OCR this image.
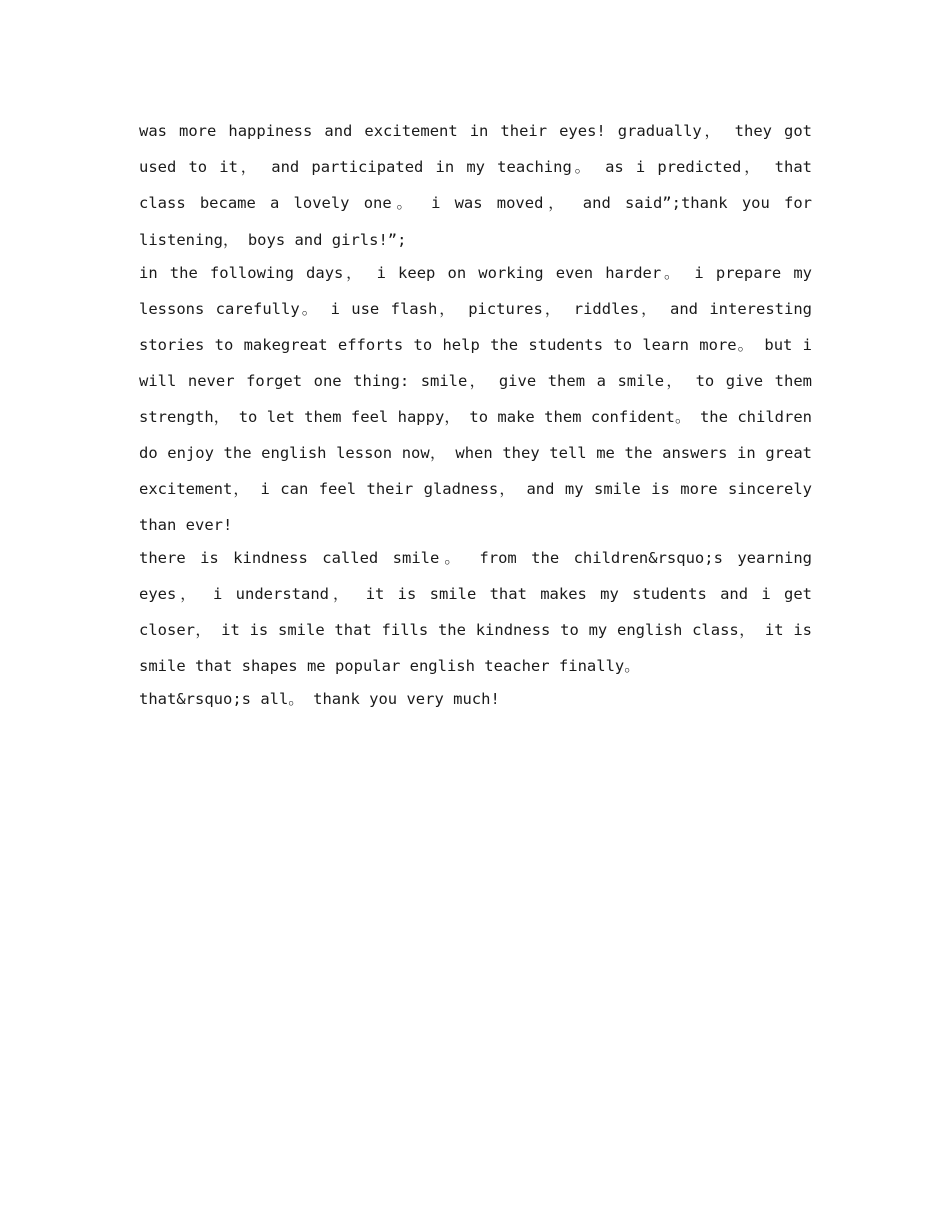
was more happiness and excitement in their eyes! gradually， they got used to it， and participated in my teaching。 as i predicted， that class became a lovely one。 i was moved， and said”;thank you for listening， boys and girls!”;

in the following days， i keep on working even harder。 i prepare my lessons carefully。 i use flash， pictures， riddles， and interesting stories to makegreat efforts to help the students to learn more。 but i will never forget one thing: smile， give them a smile， to give them strength， to let them feel happy， to make them confident。 the children do enjoy the english lesson now， when they tell me the answers in great excitement， i can feel their gladness， and my smile is more sincerely than ever!

there is kindness called smile。 from the children&rsquo;s yearning eyes， i understand， it is smile that makes my students and i get closer， it is smile that fills the kindness to my english class， it is smile that shapes me popular english teacher finally。

that&rsquo;s all。 thank you very much!
